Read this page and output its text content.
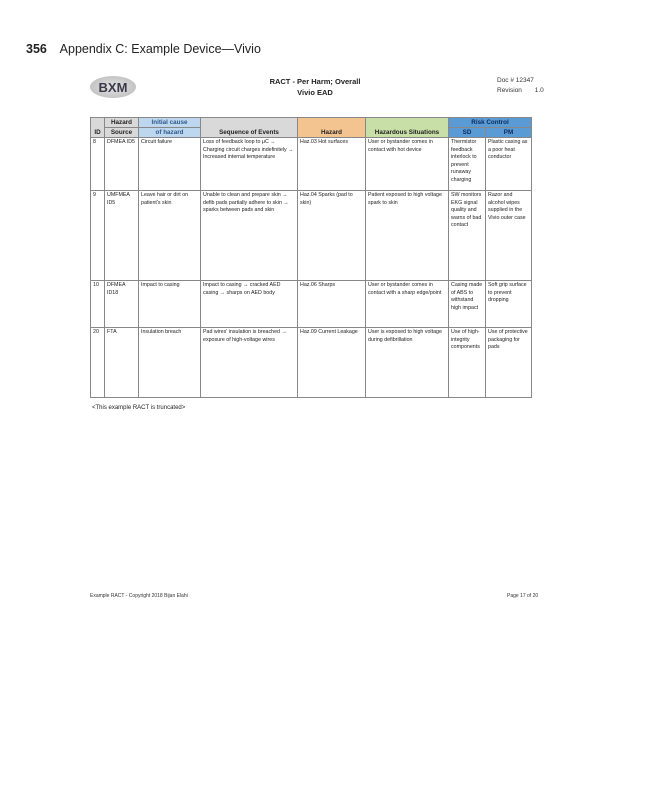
356 Appendix C: Example Device—Vivio
BXM	RACT - Per Harm; Overall
Vivio EAD
Doc # 12347
Revision 1.0
ID	Hazard	Initial cause	Sequence of Events	Hazard	Hazardous Situations	Risk Control	
	Source	of hazard				SD	PM
8	DFMEA ID5	Circuit failure	Loss of feedback loop to μC → Charging circuit charges indefinitely → Increased internal temperature	Haz.03 Hot surfaces	User or bystander comes in contact with hot device	Thermistor feedback interlock to prevent runaway charging	Plastic casing as a poor heat conductor
9	UMFMEA ID5	Leave hair or dirt on patient's skin	Unable to clean and prepare skin → defib pads partially adhere to skin → sparks between pads and skin	Haz.04 Sparks (pad to skin)	Patient exposed to high voltage spark to skin	SW monitors EKG signal quality and warns of bad contact	Razor and alcohol wipes supplied in the Vivio outer case
10	DFMEA ID18	Impact to casing	Impact to casing → cracked AED casing → sharps on AED body	Haz.06 Sharps	User or bystander comes in contact with a sharp edge/point	Casing made of ABS to withstand high impact	Soft grip surface to prevent dropping
20	FTA	Insulation breach	Pad wires' insulation is breached → exposure of high-voltage wires	Haz.09 Current Leakage	User is exposed to high voltage during defibrillation	Use of high-integrity components	Use of protective packaging for pads
<This example RACT is truncated>
Example RACT - Copyright 2018 Bijan Elahi	Page 17 of 20
